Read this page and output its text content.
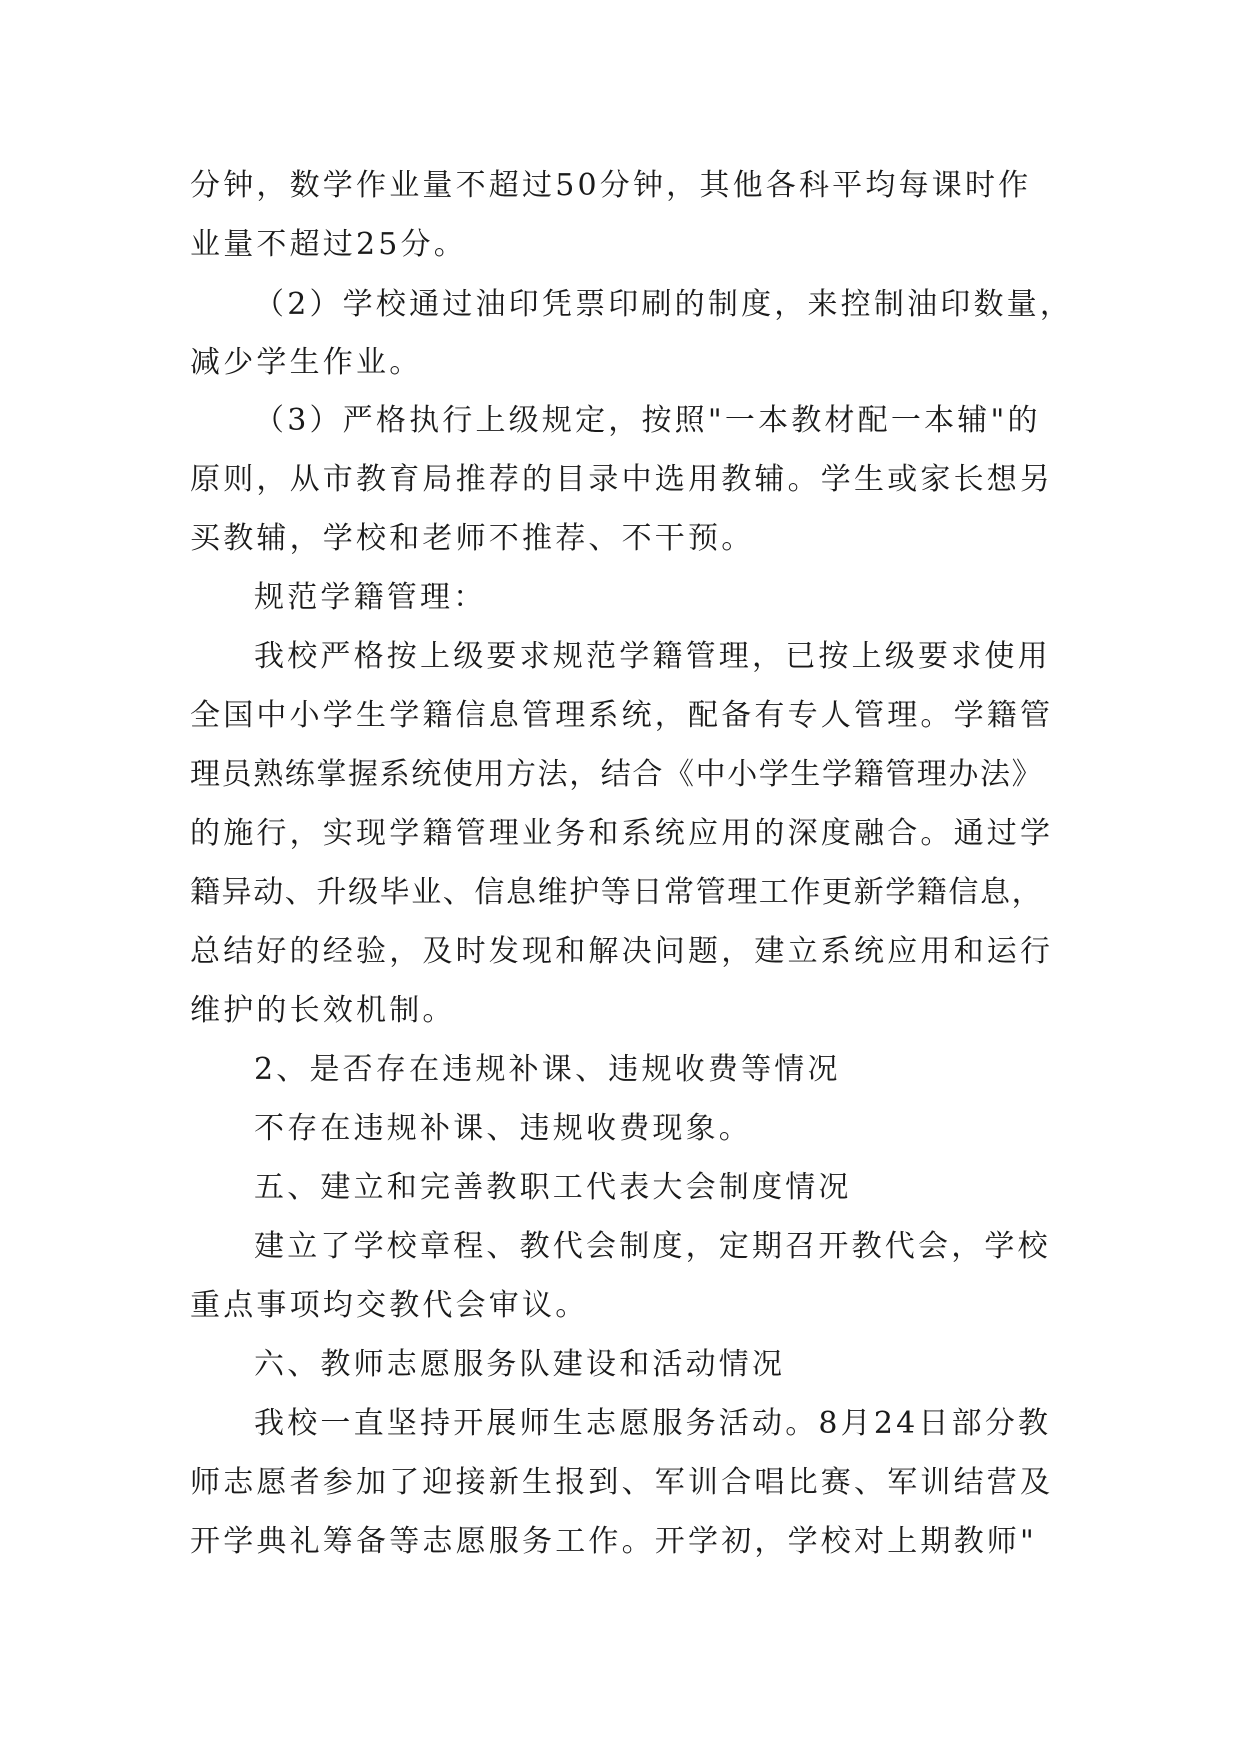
分钟，数学作业量不超过50分钟，其他各科平均每课时作
业量不超过25分。
（2）学校通过油印凭票印刷的制度，来控制油印数量，
减少学生作业。
（3）严格执行上级规定，按照"一本教材配一本辅"的
原则，从市教育局推荐的目录中选用教辅。学生或家长想另
买教辅，学校和老师不推荐、不干预。
规范学籍管理：
我校严格按上级要求规范学籍管理，已按上级要求使用
全国中小学生学籍信息管理系统，配备有专人管理。学籍管
理员熟练掌握系统使用方法，结合《中小学生学籍管理办法》
的施行，实现学籍管理业务和系统应用的深度融合。通过学
籍异动、升级毕业、信息维护等日常管理工作更新学籍信息，
总结好的经验，及时发现和解决问题，建立系统应用和运行
维护的长效机制。
2、是否存在违规补课、违规收费等情况
不存在违规补课、违规收费现象。
五、建立和完善教职工代表大会制度情况
建立了学校章程、教代会制度，定期召开教代会，学校
重点事项均交教代会审议。
六、教师志愿服务队建设和活动情况
我校一直坚持开展师生志愿服务活动。8月24日部分教
师志愿者参加了迎接新生报到、军训合唱比赛、军训结营及
开学典礼筹备等志愿服务工作。开学初，学校对上期教师"
